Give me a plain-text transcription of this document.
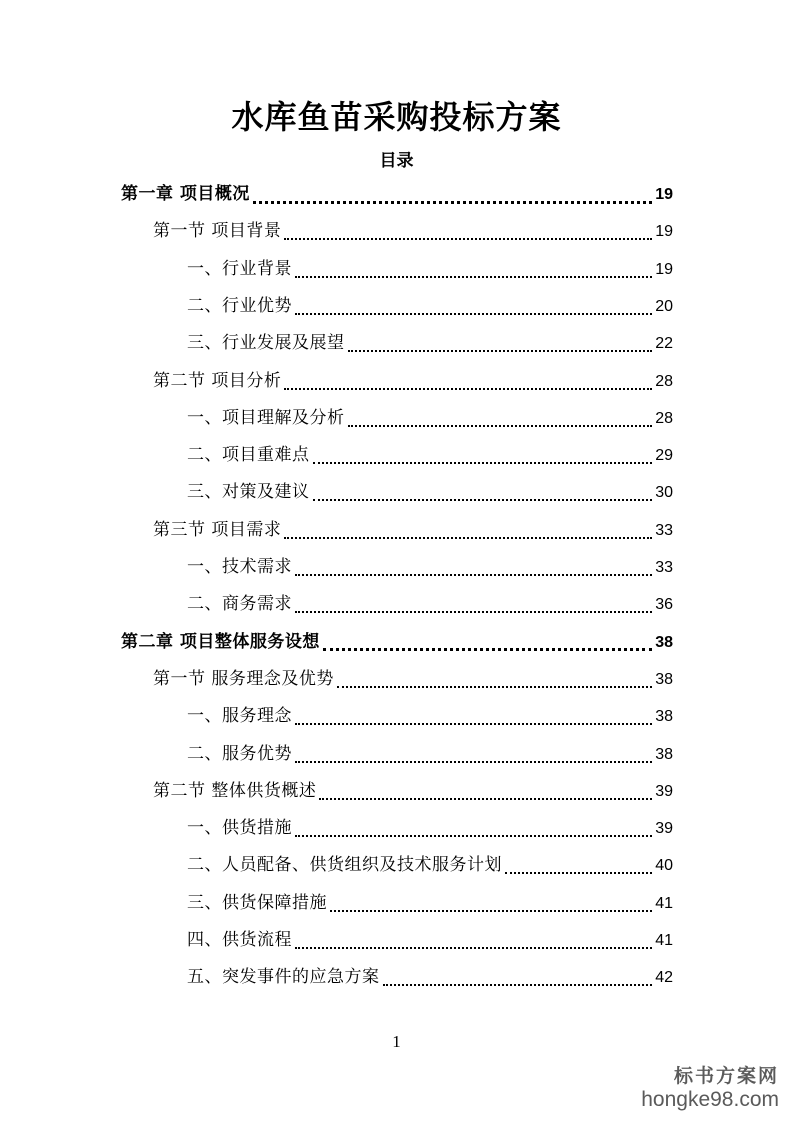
水库鱼苗采购投标方案
目录
第一章 项目概况	19
第一节 项目背景	19
一、行业背景	19
二、行业优势	20
三、行业发展及展望	22
第二节 项目分析	28
一、项目理解及分析	28
二、项目重难点	29
三、对策及建议	30
第三节 项目需求	33
一、技术需求	33
二、商务需求	36
第二章 项目整体服务设想	38
第一节 服务理念及优势	38
一、服务理念	38
二、服务优势	38
第二节 整体供货概述	39
一、供货措施	39
二、人员配备、供货组织及技术服务计划	40
三、供货保障措施	41
四、供货流程	41
五、突发事件的应急方案	42
1
标书方案网
hongke98.com
